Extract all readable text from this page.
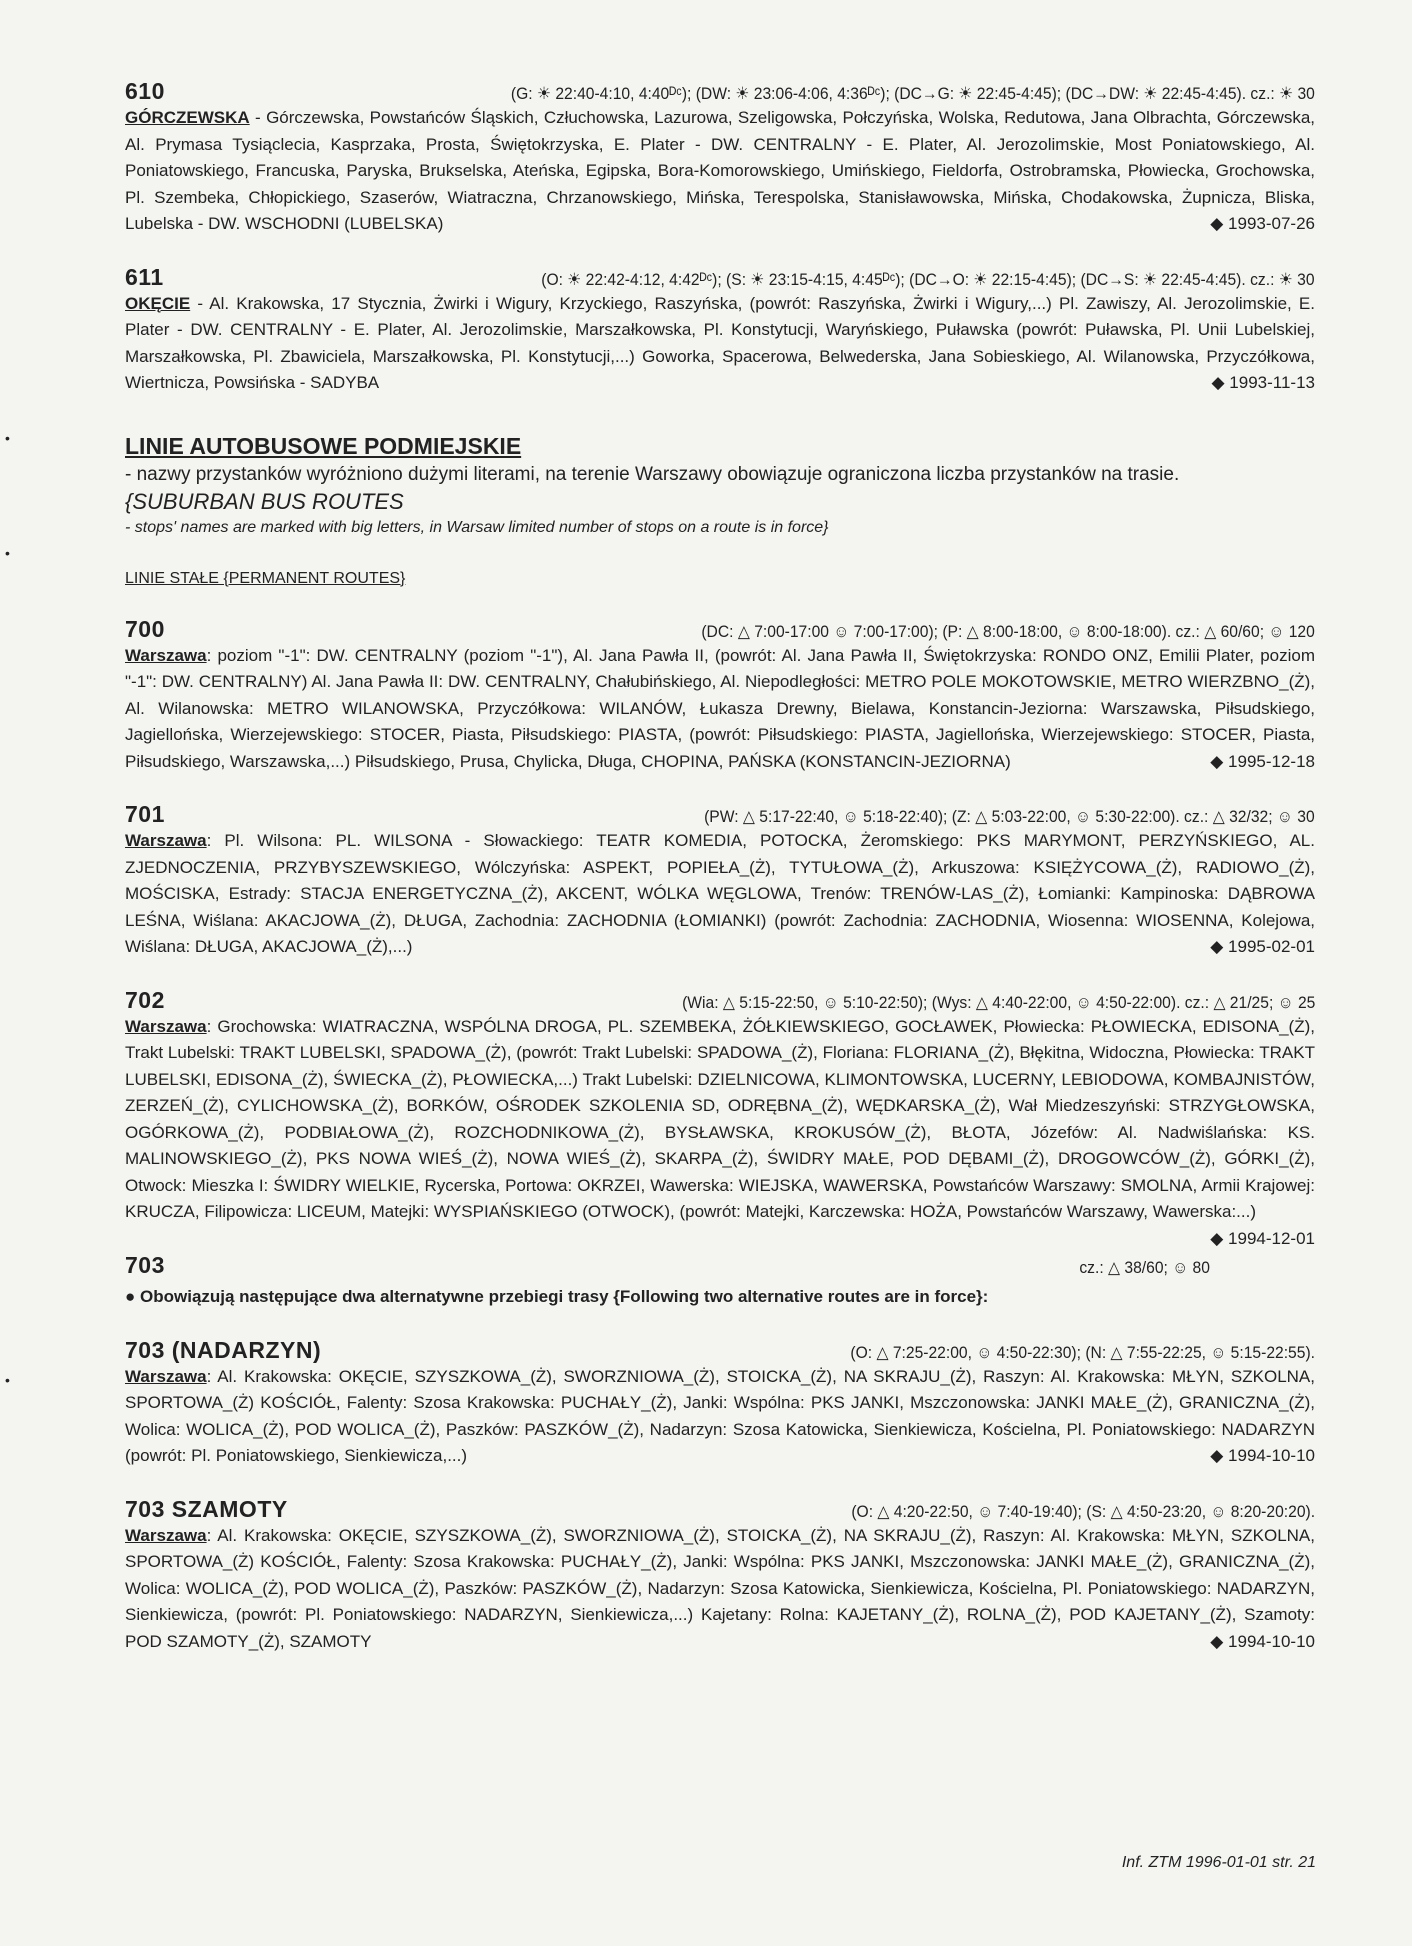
610	(G: ☀ 22:40-4:10, 4:40ᴰᶜ); (DW: ☀ 23:06-4:06, 4:36ᴰᶜ); (DC→G: ☀ 22:45-4:45); (DC→DW: ☀ 22:45-4:45). cz.: ☀ 30
GÓRCZEWSKA - Górczewska, Powstańców Śląskich, Człuchowska, Lazurowa, Szeligowska, Połczyńska, Wolska, Redutowa, Jana Olbrachta, Górczewska, Al. Prymasa Tysiąclecia, Kasprzaka, Prosta, Świętokrzyska, E. Plater - DW. CENTRALNY - E. Plater, Al. Jerozolimskie, Most Poniatowskiego, Al. Poniatowskiego, Francuska, Paryska, Brukselska, Ateńska, Egipska, Bora-Komorowskiego, Umińskiego, Fieldorfa, Ostrobramska, Płowiecka, Grochowska, Pl. Szembeka, Chłopickiego, Szaserów, Wiatraczna, Chrzanowskiego, Mińska, Terespolska, Stanisławowska, Mińska, Chodakowska, Żupnicza, Bliska, Lubelska - DW. WSCHODNI (LUBELSKA)	◆ 1993-07-26
611	(O: ☀ 22:42-4:12, 4:42ᴰᶜ); (S: ☀ 23:15-4:15, 4:45ᴰᶜ); (DC→O: ☀ 22:15-4:45); (DC→S: ☀ 22:45-4:45). cz.: ☀ 30
OKĘCIE - Al. Krakowska, 17 Stycznia, Żwirki i Wigury, Krzyckiego, Raszyńska, (powrót: Raszyńska, Żwirki i Wigury,...) Pl. Zawiszy, Al. Jerozolimskie, E. Plater - DW. CENTRALNY - E. Plater, Al. Jerozolimskie, Marszałkowska, Pl. Konstytucji, Waryńskiego, Puławska (powrót: Puławska, Pl. Unii Lubelskiej, Marszałkowska, Pl. Zbawiciela, Marszałkowska, Pl. Konstytucji,...) Goworka, Spacerowa, Belwederska, Jana Sobieskiego, Al. Wilanowska, Przyczółkowa, Wiertnicza, Powsińska - SADYBA	◆ 1993-11-13
LINIE AUTOBUSOWE PODMIEJSKIE
- nazwy przystanków wyróżniono dużymi literami, na terenie Warszawy obowiązuje ograniczona liczba przystanków na trasie.
{SUBURBAN BUS ROUTES
- stops' names are marked with big letters, in Warsaw limited number of stops on a route is in force}
LINIE STAŁE {PERMANENT ROUTES}
700	(DC: △ 7:00-17:00 ☺ 7:00-17:00); (P: △ 8:00-18:00, ☺ 8:00-18:00). cz.: △ 60/60; ☺ 120
Warszawa: poziom "-1": DW. CENTRALNY (poziom "-1"), Al. Jana Pawła II, (powrót: Al. Jana Pawła II, Świętokrzyska: RONDO ONZ, Emilii Plater, poziom "-1": DW. CENTRALNY) Al. Jana Pawła II: DW. CENTRALNY, Chałubińskiego, Al. Niepodległości: METRO POLE MOKOTOWSKIE, METRO WIERZBNO_(Ż), Al. Wilanowska: METRO WILANOWSKA, Przyczółkowa: WILANÓW, Łukasza Drewny, Bielawa, Konstancin-Jeziorna: Warszawska, Piłsudskiego, Jagiellońska, Wierzejewskiego: STOCER, Piasta, Piłsudskiego: PIASTA, (powrót: Piłsudskiego: PIASTA, Jagiellońska, Wierzejewskiego: STOCER, Piasta, Piłsudskiego, Warszawska,...) Piłsudskiego, Prusa, Chylicka, Długa, CHOPINA, PAŃSKA (KONSTANCIN-JEZIORNA)	◆ 1995-12-18
701	(PW: △ 5:17-22:40, ☺ 5:18-22:40); (Z: △ 5:03-22:00, ☺ 5:30-22:00). cz.: △ 32/32; ☺ 30
Warszawa: Pl. Wilsona: PL. WILSONA - Słowackiego: TEATR KOMEDIA, POTOCKA, Żeromskiego: PKS MARYMONT, PERZYŃSKIEGO, AL. ZJEDNOCZENIA, PRZYBYSZEWSKIEGO, Wólczyńska: ASPEKT, POPIEŁA_(Ż), TYTUŁOWA_(Ż), Arkuszowa: KSIĘŻYCOWA_(Ż), RADIOWO_(Ż), MOŚCISKA, Estrady: STACJA ENERGETYCZNA_(Ż), AKCENT, WÓLKA WĘGLOWA, Trenów: TRENÓW-LAS_(Ż), Łomianki: Kampinoska: DĄBROWA LEŚNA, Wiślana: AKACJOWA_(Ż), DŁUGA, Zachodnia: ZACHODNIA (ŁOMIANKI) (powrót: Zachodnia: ZACHODNIA, Wiosenna: WIOSENNA, Kolejowa, Wiślana: DŁUGA, AKACJOWA_(Ż),...)	◆ 1995-02-01
702	(Wia: △ 5:15-22:50, ☺ 5:10-22:50); (Wys: △ 4:40-22:00, ☺ 4:50-22:00). cz.: △ 21/25; ☺ 25
Warszawa: Grochowska: WIATRACZNA, WSPÓLNA DROGA, PL. SZEMBEKA, ŻÓŁKIEWSKIEGO, GOCŁAWEK, Płowiecka: PŁOWIECKA, EDISONA_(Ż), Trakt Lubelski: TRAKT LUBELSKI, SPADOWA_(Ż), (powrót: Trakt Lubelski: SPADOWA_(Ż), Floriana: FLORIANA_(Ż), Błękitna, Widoczna, Płowiecka: TRAKT LUBELSKI, EDISONA_(Ż), ŚWIECKA_(Ż), PŁOWIECKA,...) Trakt Lubelski: DZIELNICOWA, KLIMONTOWSKA, LUCERNY, LEBIODOWA, KOMBAJNISTÓW, ZERZEŃ_(Ż), CYLICHOWSKA_(Ż), BORKÓW, OŚRODEK SZKOLENIA SD, ODRĘBNA_(Ż), WĘDKARSKA_(Ż), Wał Miedzeszyński: STRZYGŁOWSKA, OGÓRKOWA_(Ż), PODBIAŁOWA_(Ż), ROZCHODNIKOWA_(Ż), BYSŁAWSKA, KROKUSÓW_(Ż), BŁOTA, Józefów: Al. Nadwiślańska: KS. MALINOWSKIEGO_(Ż), PKS NOWA WIEŚ_(Ż), NOWA WIEŚ_(Ż), SKARPA_(Ż), ŚWIDRY MAŁE, POD DĘBAMI_(Ż), DROGOWCÓW_(Ż), GÓRKI_(Ż), Otwock: Mieszka I: ŚWIDRY WIELKIE, Rycerska, Portowa: OKRZEI, Wawerska: WIEJSKA, WAWERSKA, Powstańców Warszawy: SMOLNA, Armii Krajowej: KRUCZA, Filipowicza: LICEUM, Matejki: WYSPIAŃSKIEGO (OTWOCK), (powrót: Matejki, Karczewska: HOŻA, Powstańców Warszawy, Wawerska:...)
◆ 1994-12-01
703	cz.: △ 38/60; ☺ 80
● Obowiązują następujące dwa alternatywne przebiegi trasy {Following two alternative routes are in force}:
703 (NADARZYN)	(O: △ 7:25-22:00, ☺ 4:50-22:30); (N: △ 7:55-22:25, ☺ 5:15-22:55).
Warszawa: Al. Krakowska: OKĘCIE, SZYSZKOWA_(Ż), SWORZNIOWA_(Ż), STOICKA_(Ż), NA SKRAJU_(Ż), Raszyn: Al. Krakowska: MŁYN, SZKOLNA, SPORTOWA_(Ż) KOŚCIÓŁ, Falenty: Szosa Krakowska: PUCHAŁY_(Ż), Janki: Wspólna: PKS JANKI, Mszczonowska: JANKI MAŁE_(Ż), GRANICZNA_(Ż), Wolica: WOLICA_(Ż), POD WOLICA_(Ż), Paszków: PASZKÓW_(Ż), Nadarzyn: Szosa Katowicka, Sienkiewicza, Kościelna, Pl. Poniatowskiego: NADARZYN (powrót: Pl. Poniatowskiego, Sienkiewicza,...)	◆ 1994-10-10
703 SZAMOTY	(O: △ 4:20-22:50, ☺ 7:40-19:40); (S: △ 4:50-23:20, ☺ 8:20-20:20).
Warszawa: Al. Krakowska: OKĘCIE, SZYSZKOWA_(Ż), SWORZNIOWA_(Ż), STOICKA_(Ż), NA SKRAJU_(Ż), Raszyn: Al. Krakowska: MŁYN, SZKOLNA, SPORTOWA_(Ż) KOŚCIÓŁ, Falenty: Szosa Krakowska: PUCHAŁY_(Ż), Janki: Wspólna: PKS JANKI, Mszczonowska: JANKI MAŁE_(Ż), GRANICZNA_(Ż), Wolica: WOLICA_(Ż), POD WOLICA_(Ż), Paszków: PASZKÓW_(Ż), Nadarzyn: Szosa Katowicka, Sienkiewicza, Kościelna, Pl. Poniatowskiego: NADARZYN, Sienkiewicza, (powrót: Pl. Poniatowskiego: NADARZYN, Sienkiewicza,...) Kajetany: Rolna: KAJETANY_(Ż), ROLNA_(Ż), POD KAJETANY_(Ż), Szamoty: POD SZAMOTY_(Ż), SZAMOTY	◆ 1994-10-10
•
•
•
Inf. ZTM 1996-01-01 str. 21
